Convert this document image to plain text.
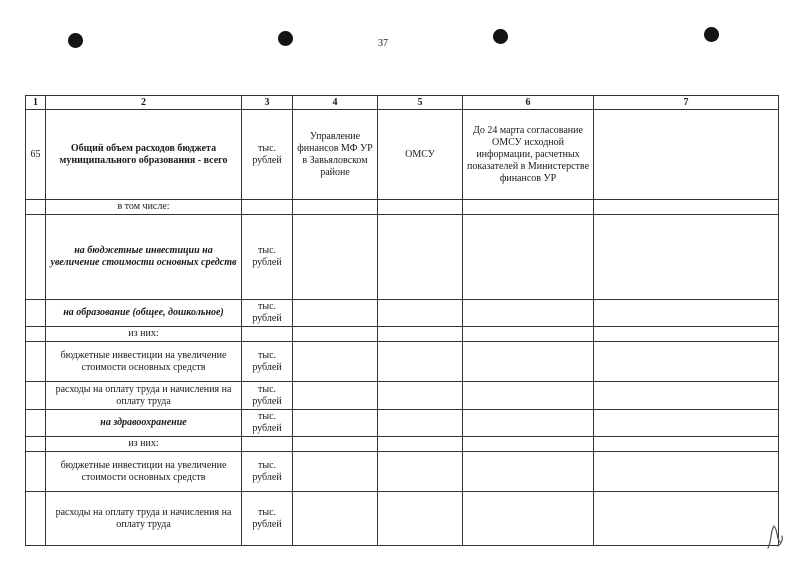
37
1	2	3	4	5	6	7
65	Общий объем расходов бюджета муниципального образования - всего	тыс. рублей	Управление финансов МФ УР в Завьяловском районе	ОМСУ	До 24 марта согласование ОМСУ исходной информации, расчетных показателей в Министерстве финансов УР	
	в том числе:					
	на бюджетные инвестиции на увеличение стоимости основных средств	тыс. рублей				
	на образование (общее, дошкольное)	тыс. рублей				
	из них:					
	бюджетные инвестиции на увеличение стоимости основных средств	тыс. рублей				
	расходы на оплату труда и начисления на оплату труда	тыс. рублей				
	на здравоохранение	тыс. рублей				
	из них:					
	бюджетные инвестиции на увеличение стоимости основных средств	тыс. рублей				
	расходы на оплату труда и начисления на оплату труда	тыс. рублей				
